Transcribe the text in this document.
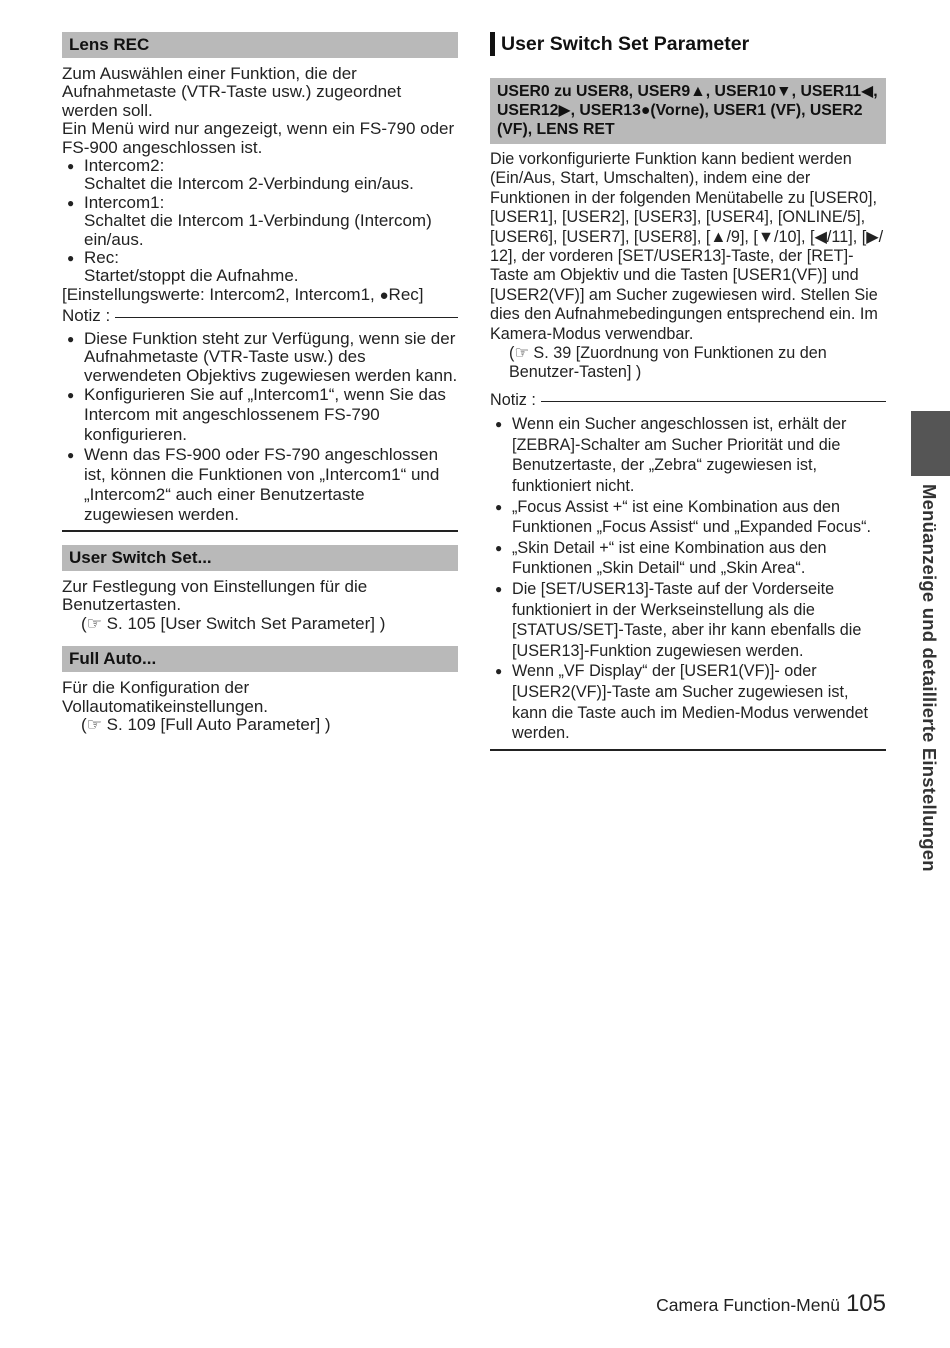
Lens REC

Zum Auswählen einer Funktion, die der Aufnahmetaste (VTR-Taste usw.) zugeordnet werden soll.

Ein Menü wird nur angezeigt, wenn ein FS-790 oder FS-900 angeschlossen ist.

● Intercom2:
Schaltet die Intercom 2-Verbindung ein/aus.
● Intercom1:
Schaltet die Intercom 1-Verbindung (Intercom) ein/aus.
● Rec:
Startet/stoppt die Aufnahme.

[Einstellungswerte: Intercom2, Intercom1, ●Rec]

Notiz :
● Diese Funktion steht zur Verfügung, wenn sie der Aufnahmetaste (VTR-Taste usw.) des verwendeten Objektivs zugewiesen werden kann.
● Konfigurieren Sie auf „Intercom1“, wenn Sie das Intercom mit angeschlossenem FS-790 konfigurieren.
● Wenn das FS-900 oder FS-790 angeschlossen ist, können die Funktionen von „Intercom1“ und „Intercom2“ auch einer Benutzertaste zugewiesen werden.
User Switch Set...

Zur Festlegung von Einstellungen für die Benutzertasten.

(☞ S. 105 [User Switch Set Parameter] )

Full Auto...

Für die Konfiguration der Vollautomatikeinstellungen.

(☞ S. 109 [Full Auto Parameter] )

User Switch Set Parameter
USER0 zu USER8, USER9▲, USER10▼, USER11◀, USER12▶, USER13●(Vorne), USER1 (VF), USER2 (VF), LENS RET

Die vorkonfigurierte Funktion kann bedient werden (Ein/Aus, Start, Umschalten), indem eine der Funktionen in der folgenden Menütabelle zu [USER0], [USER1], [USER2], [USER3], [USER4], [ONLINE/5], [USER6], [USER7], [USER8], [▲/9], [▼/10], [◀/11], [▶/ 12], der vorderen [SET/USER13]-Taste, der [RET]-Taste am Objektiv und die Tasten [USER1(VF)] und [USER2(VF)] am Sucher zugewiesen wird. Stellen Sie dies den Aufnahmebedingungen entsprechend ein. Im Kamera-Modus verwendbar.

(☞ S. 39 [Zuordnung von Funktionen zu den Benutzer-Tasten] )

Notiz :
● Wenn ein Sucher angeschlossen ist, erhält der [ZEBRA]-Schalter am Sucher Priorität und die Benutzertaste, der „Zebra“ zugewiesen ist, funktioniert nicht.
● „Focus Assist +“ ist eine Kombination aus den Funktionen „Focus Assist“ und „Expanded Focus“.
● „Skin Detail +“ ist eine Kombination aus den Funktionen „Skin Detail“ und „Skin Area“.
● Die [SET/USER13]-Taste auf der Vorderseite funktioniert in der Werkseinstellung als die [STATUS/SET]-Taste, aber ihr kann ebenfalls die [USER13]-Funktion zugewiesen werden.
● Wenn „VF Display“ der [USER1(VF)]- oder [USER2(VF)]-Taste am Sucher zugewiesen ist, kann die Taste auch im Medien-Modus verwendet werden.	Menüanzeige und detaillierte Einstellungen
Camera Function-Menü 105
